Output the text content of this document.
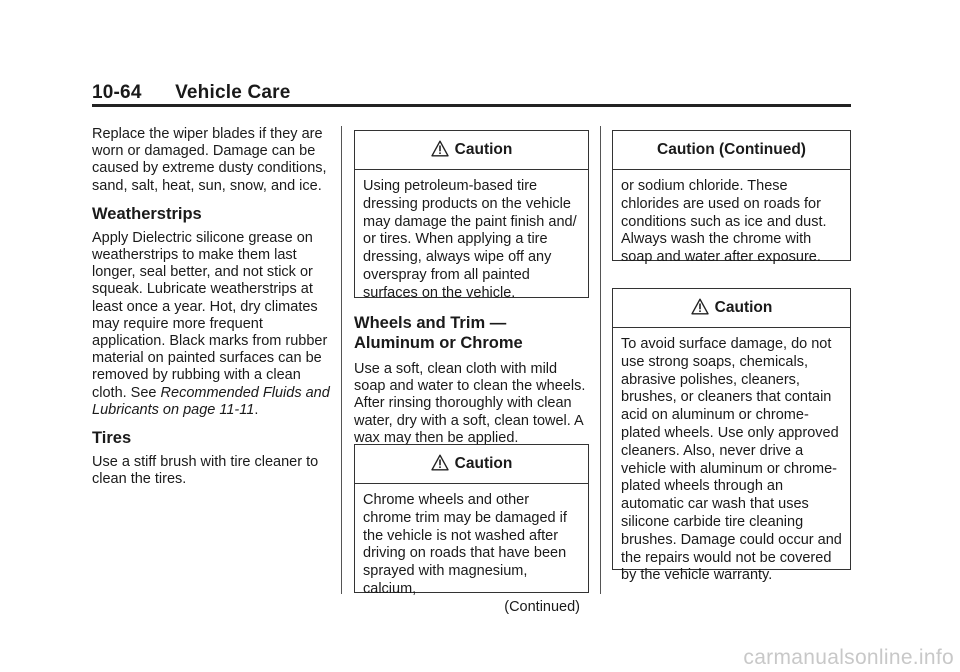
10-64 Vehicle Care

Replace the wiper blades if they are worn or damaged. Damage can be caused by extreme dusty conditions, sand, salt, heat, sun, snow, and ice.

Weatherstrips

Apply Dielectric silicone grease on weatherstrips to make them last longer, seal better, and not stick or squeak. Lubricate weatherstrips at least once a year. Hot, dry climates may require more frequent application. Black marks from rubber material on painted surfaces can be removed by rubbing with a clean cloth. See Recommended Fluids and Lubricants on page 11-11.

Tires

Use a stiff brush with tire cleaner to clean the tires.

Caution

Using petroleum-based tire dressing products on the vehicle may damage the paint finish and/ or tires. When applying a tire dressing, always wipe off any overspray from all painted surfaces on the vehicle.

Wheels and Trim — Aluminum or Chrome

Use a soft, clean cloth with mild soap and water to clean the wheels. After rinsing thoroughly with clean water, dry with a soft, clean towel. A wax may then be applied.

Caution

Chrome wheels and other chrome trim may be damaged if the vehicle is not washed after driving on roads that have been sprayed with magnesium, calcium,

(Continued)

Caution (Continued)

or sodium chloride. These chlorides are used on roads for conditions such as ice and dust. Always wash the chrome with soap and water after exposure.

Caution

To avoid surface damage, do not use strong soaps, chemicals, abrasive polishes, cleaners, brushes, or cleaners that contain acid on aluminum or chrome-plated wheels. Use only approved cleaners. Also, never drive a vehicle with aluminum or chrome-plated wheels through an automatic car wash that uses silicone carbide tire cleaning brushes. Damage could occur and the repairs would not be covered by the vehicle warranty.

carmanualsonline.info
